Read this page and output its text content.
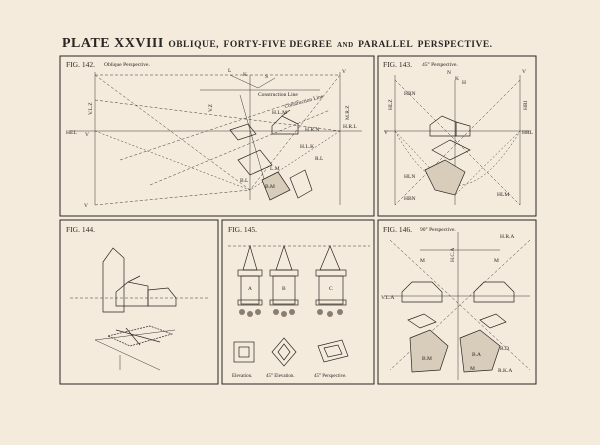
PLATE XXVIII OBLIQUE, FORTY-FIVE DEGREE AND PARALLEL PERSPECTIVE.
FIG. 142. Oblique Perspective.
L
K	S
Construction Line
Construction Line
H.L.M
H.R.N	H.R.L
H.L.K
HEL V
R.L
L.M
B.M
B.L
M.R.Z
V.L.Z	V.Z
V
V
FIG. 143. 45° Perspective.
N
K
H
HLZ
HRN
HRI
HRL
V
HLM
HLN
HBN
V
FIG. 144.	FIG. 145.
A	B	C
Elevation.	45° Elevation.	45° Perspective.
FIG. 146. 90° Perspective.
H.R.A
H.C.A
V.L.A
M	M
R.K.A
B.M
B.A
M
R.D
